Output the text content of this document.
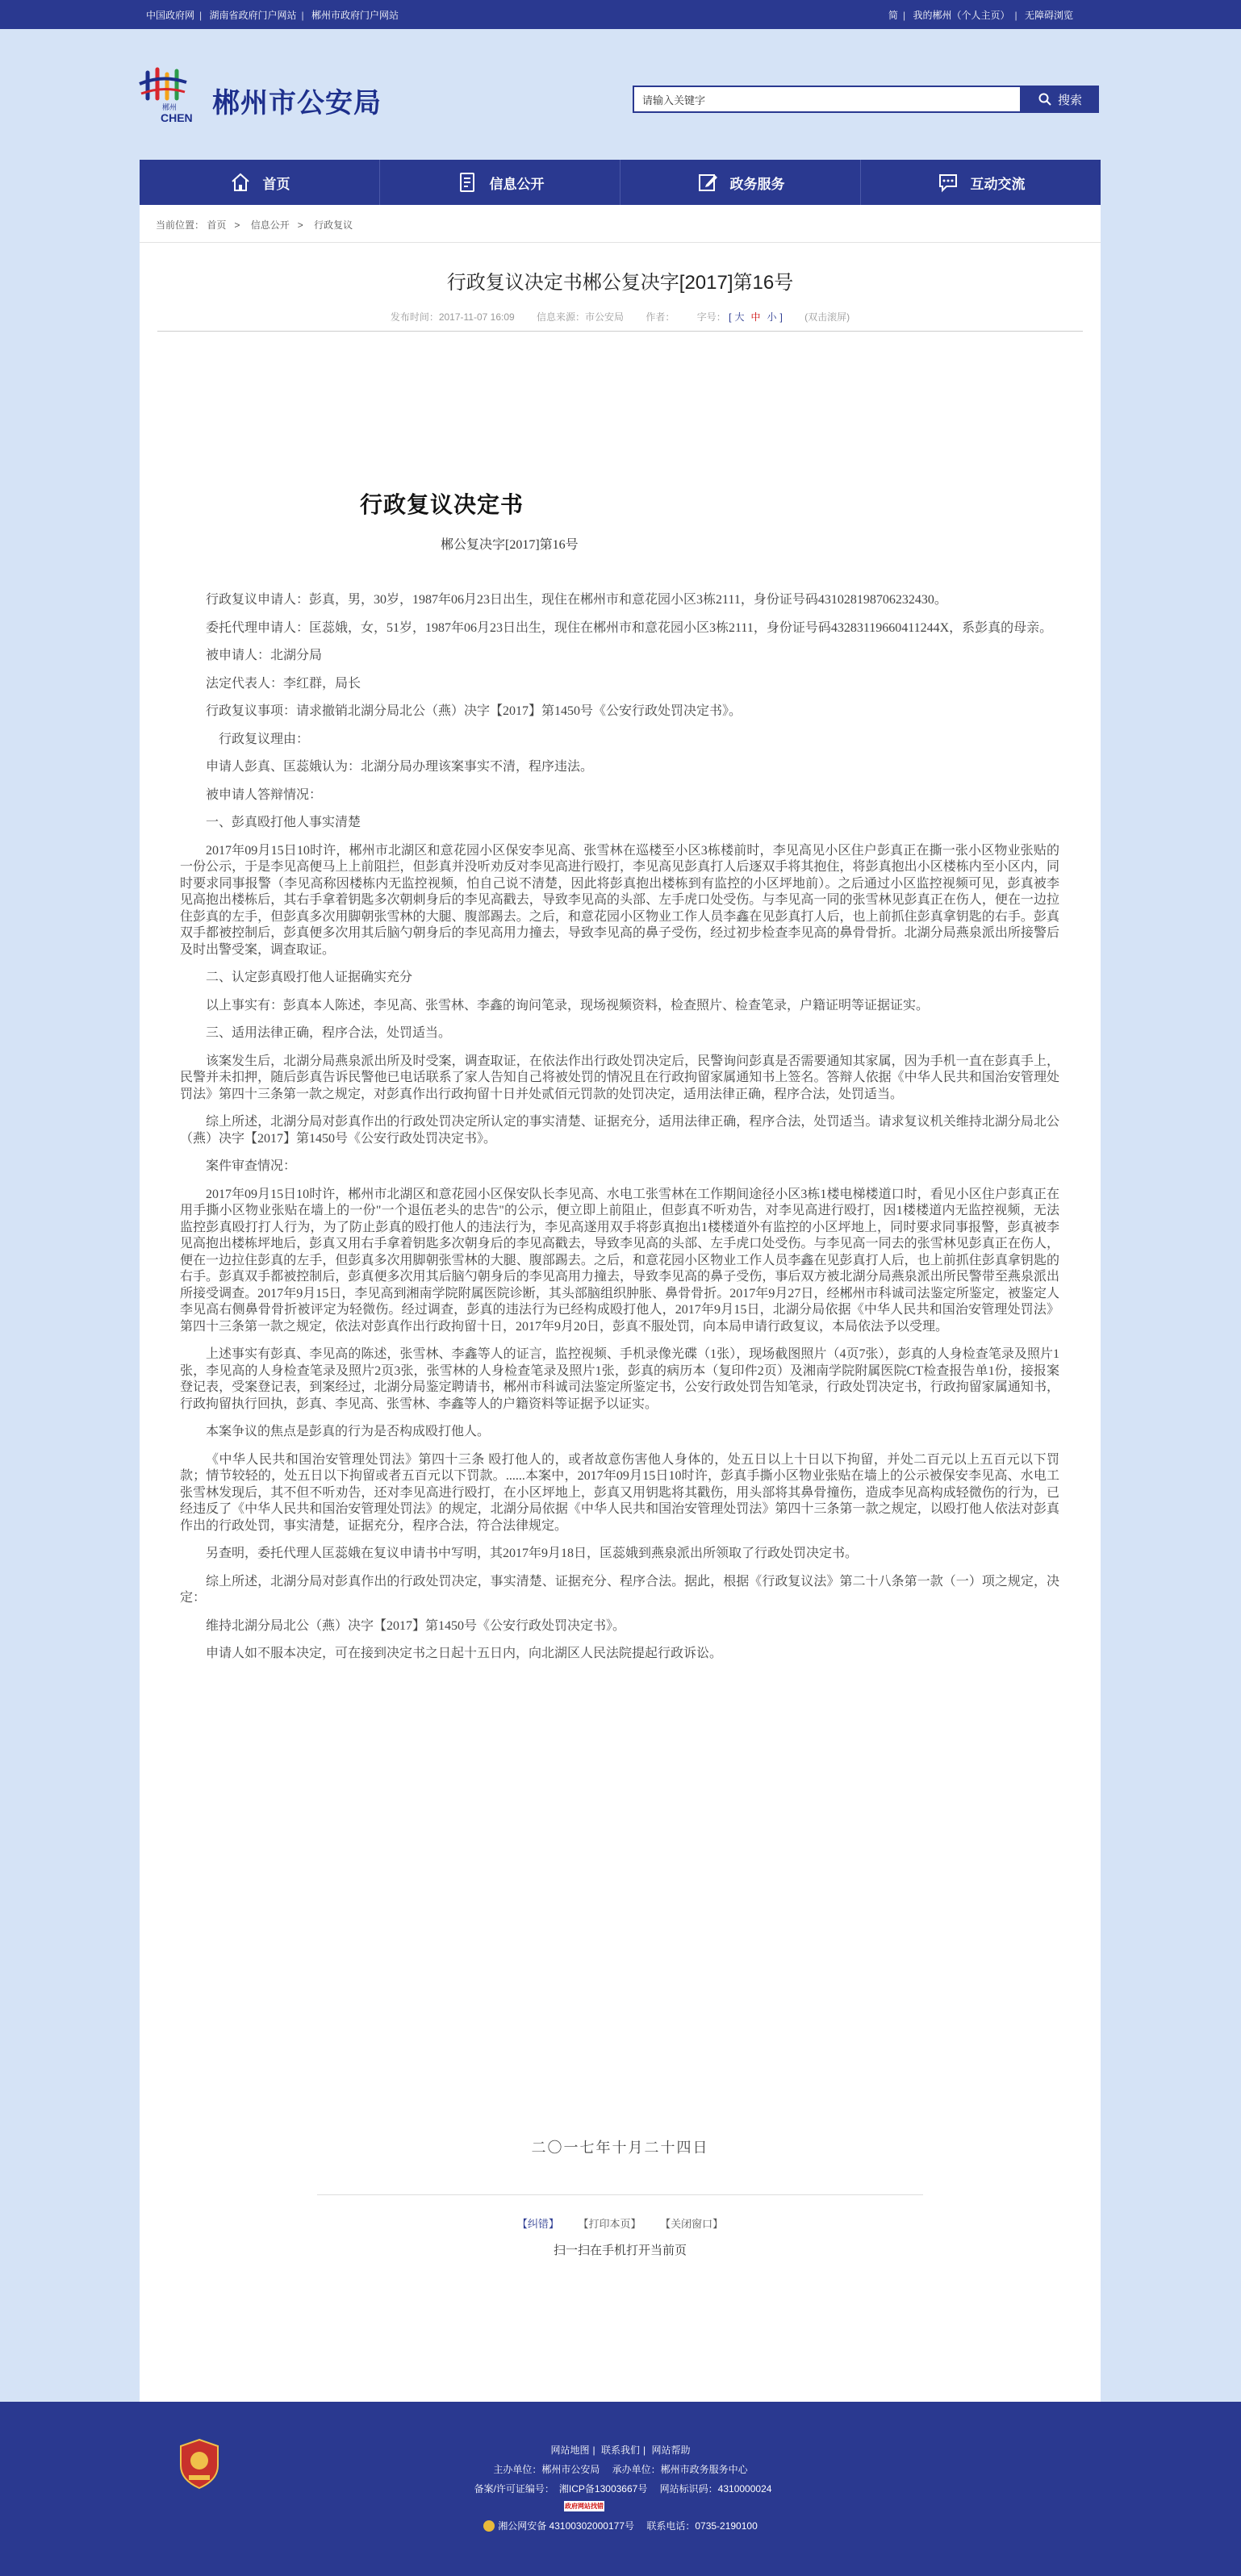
中国政府网 | 湖南省政府门户网站 | 郴州市政府门户网站	简 | 我的郴州（个人主页） | 无障碍浏览
郴州
CHEN 郴州市公安局
请输入关键字	搜索
首页	信息公开	政务服务	互动交流
当前位置： 首页 > 信息公开 > 行政复议
行政复议决定书郴公复决字[2017]第16号
发布时间：2017-11-07 16:09 信息来源：市公安局 作者： 字号： [ 大 中 小 ] (双击滚屏)
行政复议决定书
郴公复决字[2017]第16号

行政复议申请人：彭真，男，30岁，1987年06月23日出生，现住在郴州市和意花园小区3栋2111，身份证号码431028198706232430。

委托代理申请人：匡蕊娥，女，51岁，1987年06月23日出生，现住在郴州市和意花园小区3栋2111，身份证号码43283119660411244X，系彭真的母亲。

被申请人：北湖分局

法定代表人：李红群，局长

行政复议事项：请求撤销北湖分局北公（燕）决字【2017】第1450号《公安行政处罚决定书》。

行政复议理由：

申请人彭真、匡蕊娥认为：北湖分局办理该案事实不清，程序违法。

被申请人答辩情况：

一、彭真殴打他人事实清楚

2017年09月15日10时许，郴州市北湖区和意花园小区保安李见高、张雪林在巡楼至小区3栋楼前时，李见高见小区住户彭真正在撕一张小区物业张贴的一份公示，于是李见高便马上上前阻拦，但彭真并没听劝反对李见高进行殴打，李见高见彭真打人后逐双手将其抱住，将彭真抱出小区楼栋内至小区内，同时要求同事报警（李见高称因楼栋内无监控视频，怕自己说不清楚，因此将彭真抱出楼栋到有监控的小区坪地前）。之后通过小区监控视频可见，彭真被李见高抱出楼栋后，其右手拿着钥匙多次朝刺身后的李见高戳去，导致李见高的头部、左手虎口处受伤。与李见高一同的张雪林见彭真正在伤人，便在一边拉住彭真的左手，但彭真多次用脚朝张雪林的大腿、腹部踢去。之后，和意花园小区物业工作人员李鑫在见彭真打人后，也上前抓住彭真拿钥匙的右手。彭真双手都被控制后，彭真便多次用其后脑勺朝身后的李见高用力撞去，导致李见高的鼻子受伤，经过初步检查李见高的鼻骨骨折。北湖分局燕泉派出所接警后及时出警受案，调查取证。

二、认定彭真殴打他人证据确实充分

以上事实有：彭真本人陈述，李见高、张雪林、李鑫的询问笔录，现场视频资料，检查照片、检查笔录，户籍证明等证据证实。

三、适用法律正确，程序合法，处罚适当。

该案发生后，北湖分局燕泉派出所及时受案，调查取证，在依法作出行政处罚决定后，民警询问彭真是否需要通知其家属，因为手机一直在彭真手上，民警并未扣押，随后彭真告诉民警他已电话联系了家人告知自己将被处罚的情况且在行政拘留家属通知书上签名。答辩人依据《中华人民共和国治安管理处罚法》第四十三条第一款之规定，对彭真作出行政拘留十日并处贰佰元罚款的处罚决定，适用法律正确，程序合法，处罚适当。

综上所述，北湖分局对彭真作出的行政处罚决定所认定的事实清楚、证据充分，适用法律正确，程序合法，处罚适当。请求复议机关维持北湖分局北公（燕）决字【2017】第1450号《公安行政处罚决定书》。

案件审查情况：

2017年09月15日10时许，郴州市北湖区和意花园小区保安队长李见高、水电工张雪林在工作期间途径小区3栋1楼电梯楼道口时，看见小区住户彭真正在用手撕小区物业张贴在墙上的一份"一个退伍老头的忠告"的公示，便立即上前阻止，但彭真不听劝告，对李见高进行殴打，因1楼楼道内无监控视频，无法监控彭真殴打打人行为，为了防止彭真的殴打他人的违法行为，李见高遂用双手将彭真抱出1楼楼道外有监控的小区坪地上，同时要求同事报警，彭真被李见高抱出楼栋坪地后，彭真又用右手拿着钥匙多次朝身后的李见高戳去，导致李见高的头部、左手虎口处受伤。与李见高一同去的张雪林见彭真正在伤人，便在一边拉住彭真的左手，但彭真多次用脚朝张雪林的大腿、腹部踢去。之后，和意花园小区物业工作人员李鑫在见彭真打人后，也上前抓住彭真拿钥匙的右手。彭真双手都被控制后，彭真便多次用其后脑勺朝身后的李见高用力撞去，导致李见高的鼻子受伤，事后双方被北湖分局燕泉派出所民警带至燕泉派出所接受调查。2017年9月15日，李见高到湘南学院附属医院诊断，其头部脑组织肿胀、鼻骨骨折。2017年9月27日，经郴州市科诚司法鉴定所鉴定，被鉴定人李见高右侧鼻骨骨折被评定为轻微伤。经过调查，彭真的违法行为已经构成殴打他人，2017年9月15日，北湖分局依据《中华人民共和国治安管理处罚法》第四十三条第一款之规定，依法对彭真作出行政拘留十日，2017年9月20日，彭真不服处罚，向本局申请行政复议，本局依法予以受理。

上述事实有彭真、李见高的陈述，张雪林、李鑫等人的证言，监控视频、手机录像光碟（1张），现场截图照片（4页7张），彭真的人身检查笔录及照片1张，李见高的人身检查笔录及照片2页3张，张雪林的人身检查笔录及照片1张，彭真的病历本（复印件2页）及湘南学院附属医院CT检查报告单1份，接报案登记表，受案登记表，到案经过，北湖分局鉴定聘请书，郴州市科诚司法鉴定所鉴定书，公安行政处罚告知笔录，行政处罚决定书，行政拘留家属通知书，行政拘留执行回执，彭真、李见高、张雪林、李鑫等人的户籍资料等证据予以证实。

本案争议的焦点是彭真的行为是否构成殴打他人。

《中华人民共和国治安管理处罚法》第四十三条 殴打他人的，或者故意伤害他人身体的，处五日以上十日以下拘留，并处二百元以上五百元以下罚款；情节较轻的，处五日以下拘留或者五百元以下罚款。......本案中，2017年09月15日10时许，彭真手撕小区物业张贴在墙上的公示被保安李见高、水电工张雪林发现后，其不但不听劝告，还对李见高进行殴打，在小区坪地上，彭真又用钥匙将其戳伤，用头部将其鼻骨撞伤，造成李见高构成轻微伤的行为，已经违反了《中华人民共和国治安管理处罚法》的规定，北湖分局依据《中华人民共和国治安管理处罚法》第四十三条第一款之规定，以殴打他人依法对彭真作出的行政处罚，事实清楚，证据充分，程序合法，符合法律规定。

另查明，委托代理人匡蕊娥在复议申请书中写明，其2017年9月18日，匡蕊娥到燕泉派出所领取了行政处罚决定书。

综上所述，北湖分局对彭真作出的行政处罚决定，事实清楚、证据充分、程序合法。据此，根据《行政复议法》第二十八条第一款（一）项之规定，决定：

维持北湖分局北公（燕）决字【2017】第1450号《公安行政处罚决定书》。

申请人如不服本决定，可在接到决定书之日起十五日内，向北湖区人民法院提起行政诉讼。

二〇一七年十月二十四日
【纠错】 【打印本页】 【关闭窗口】
扫一扫在手机打开当前页
网站地图 | 联系我们 | 网站帮助
主办单位：郴州市公安局 承办单位：郴州市政务服务中心
备案/许可证编号： 湘ICP备13003667号 网站标识码：4310000024
政府网站找错
湘公网安备 43100302000177号 联系电话：0735-2190100
